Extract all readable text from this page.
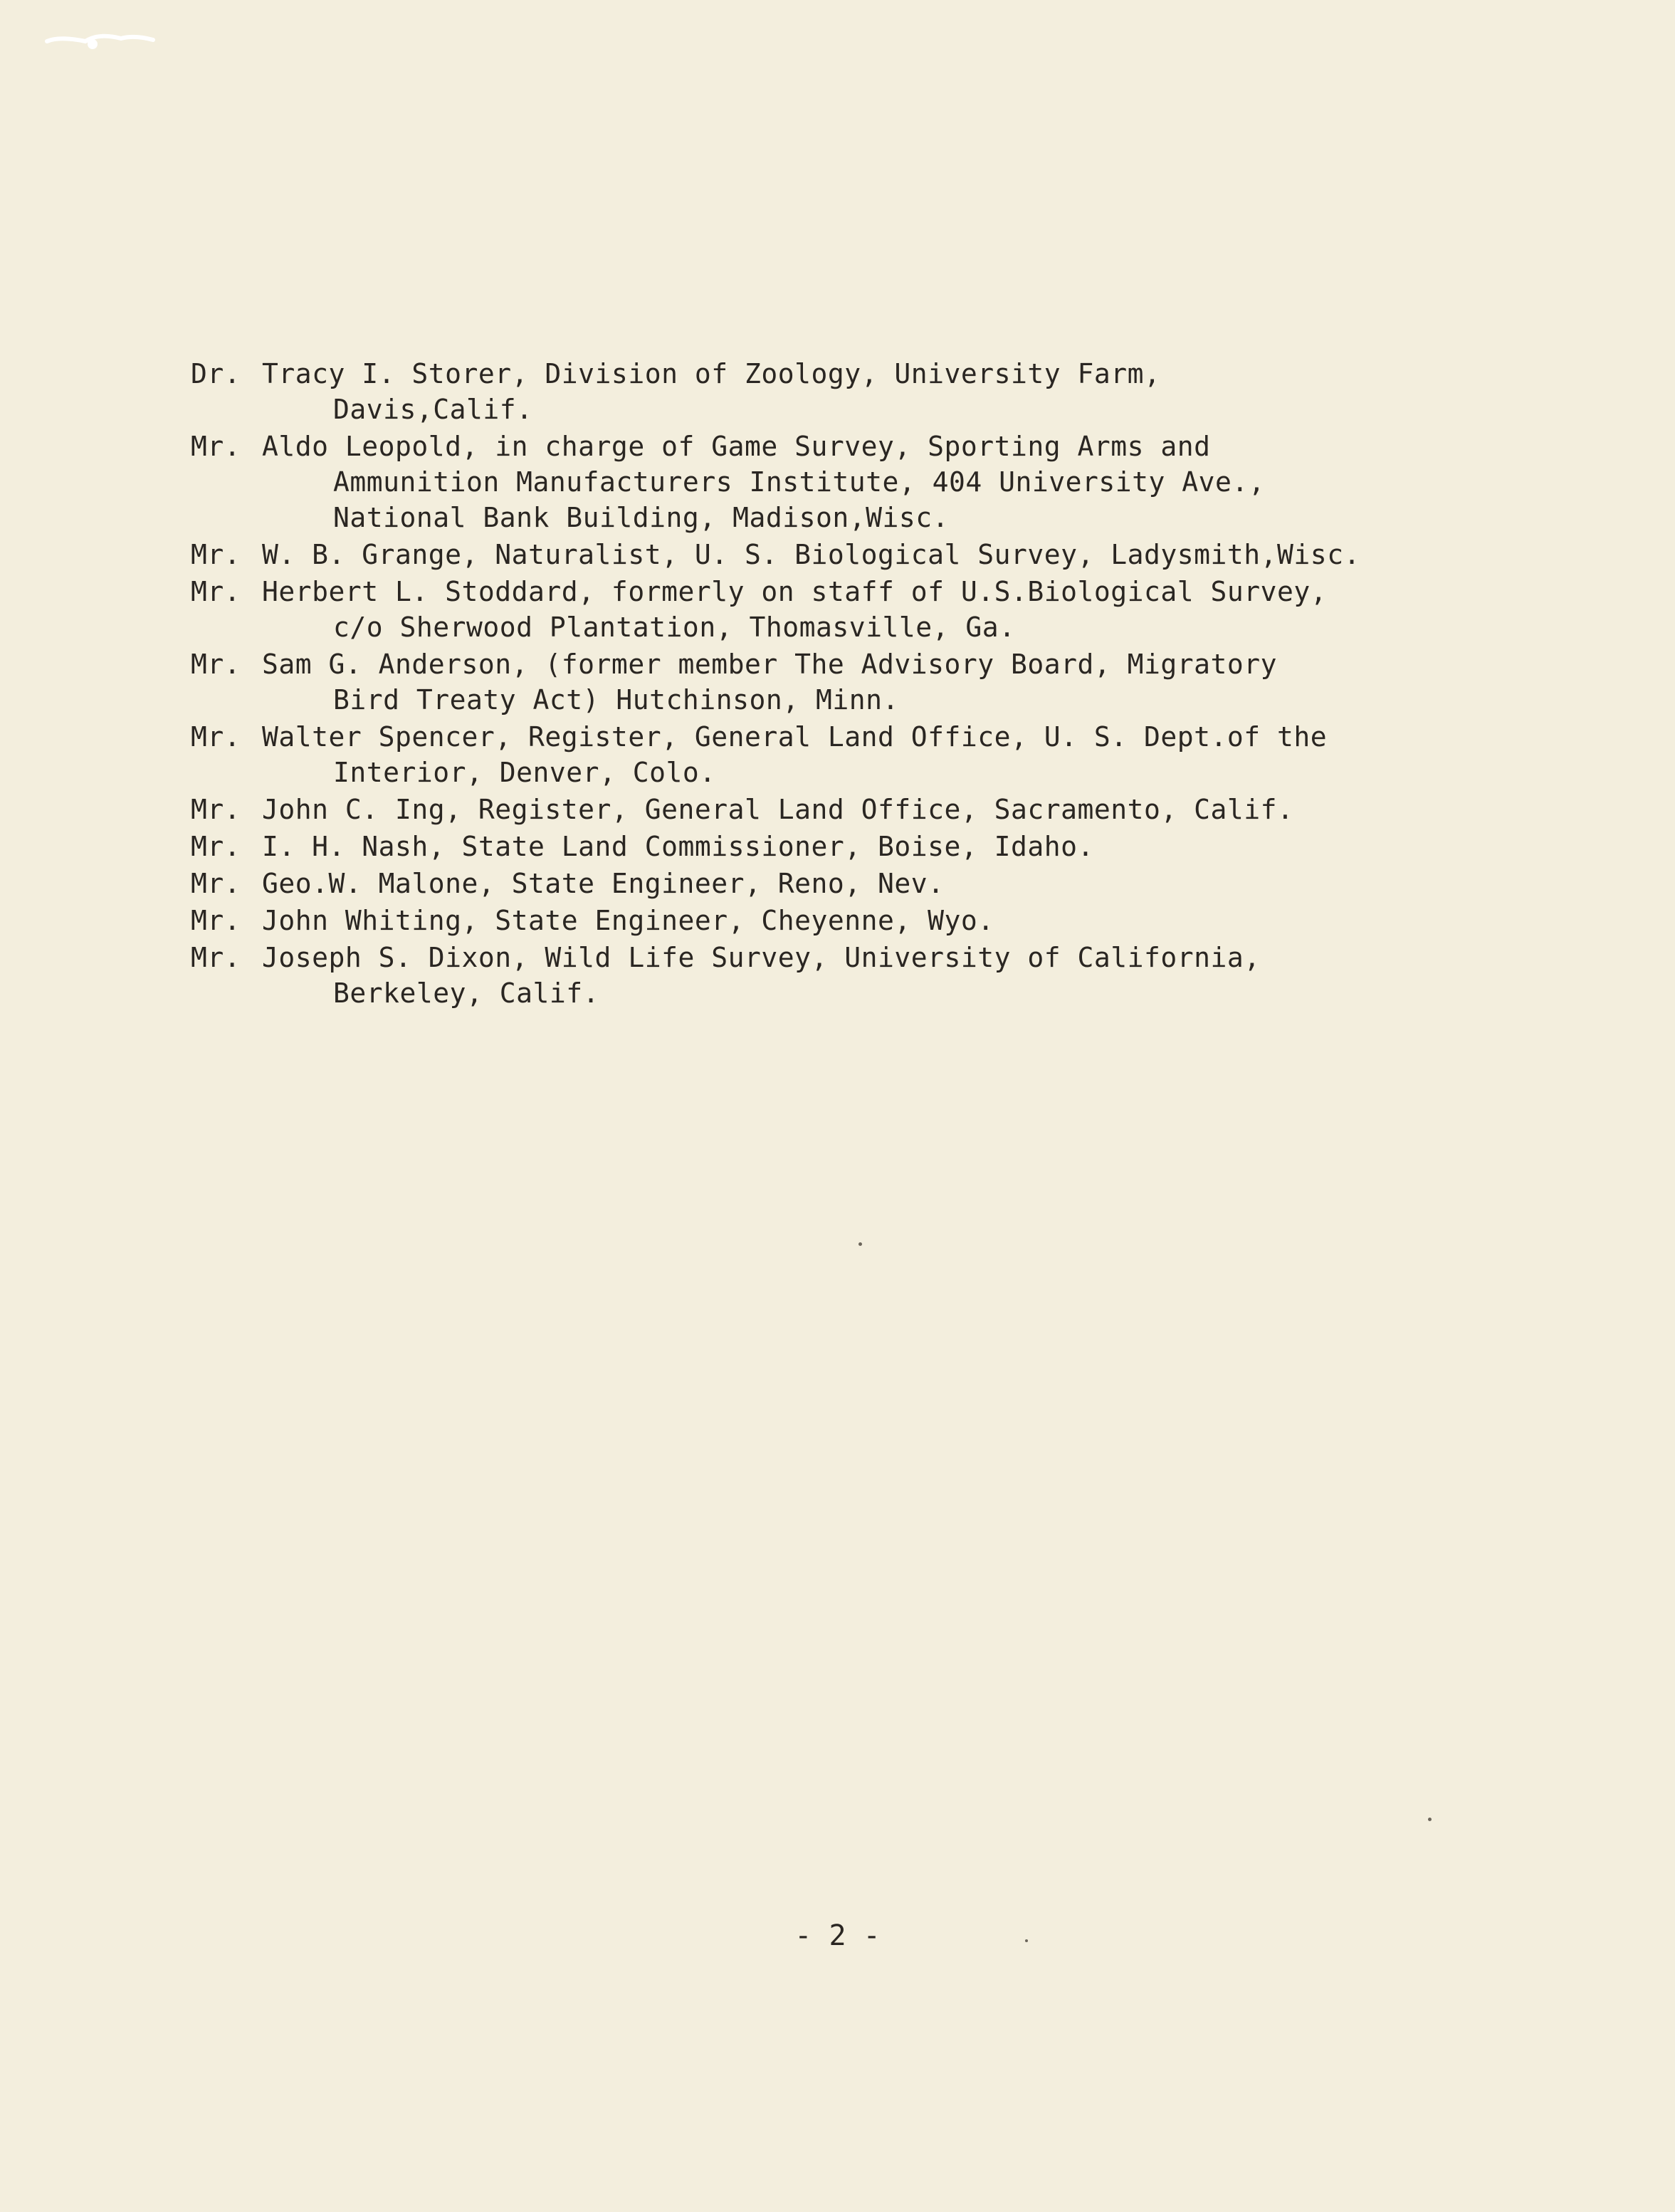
Dr. Tracy I. Storer, Division of Zoology, University Farm,
Davis,Calif.
Mr. Aldo Leopold, in charge of Game Survey, Sporting Arms and
Ammunition Manufacturers Institute, 404 University Ave.,
National Bank Building, Madison,Wisc.
Mr. W. B. Grange, Naturalist, U. S. Biological Survey, Ladysmith,Wisc.
Mr. Herbert L. Stoddard, formerly on staff of U.S.Biological Survey,
c/o Sherwood Plantation, Thomasville, Ga.
Mr. Sam G. Anderson, (former member The Advisory Board, Migratory
Bird Treaty Act) Hutchinson, Minn.
Mr. Walter Spencer, Register, General Land Office, U. S. Dept.of the
Interior, Denver, Colo.
Mr. John C. Ing, Register, General Land Office, Sacramento, Calif.
Mr. I. H. Nash, State Land Commissioner, Boise, Idaho.
Mr. Geo.W. Malone, State Engineer, Reno, Nev.
Mr. John Whiting, State Engineer, Cheyenne, Wyo.
Mr. Joseph S. Dixon, Wild Life Survey, University of California,
Berkeley, Calif.
- 2 -
